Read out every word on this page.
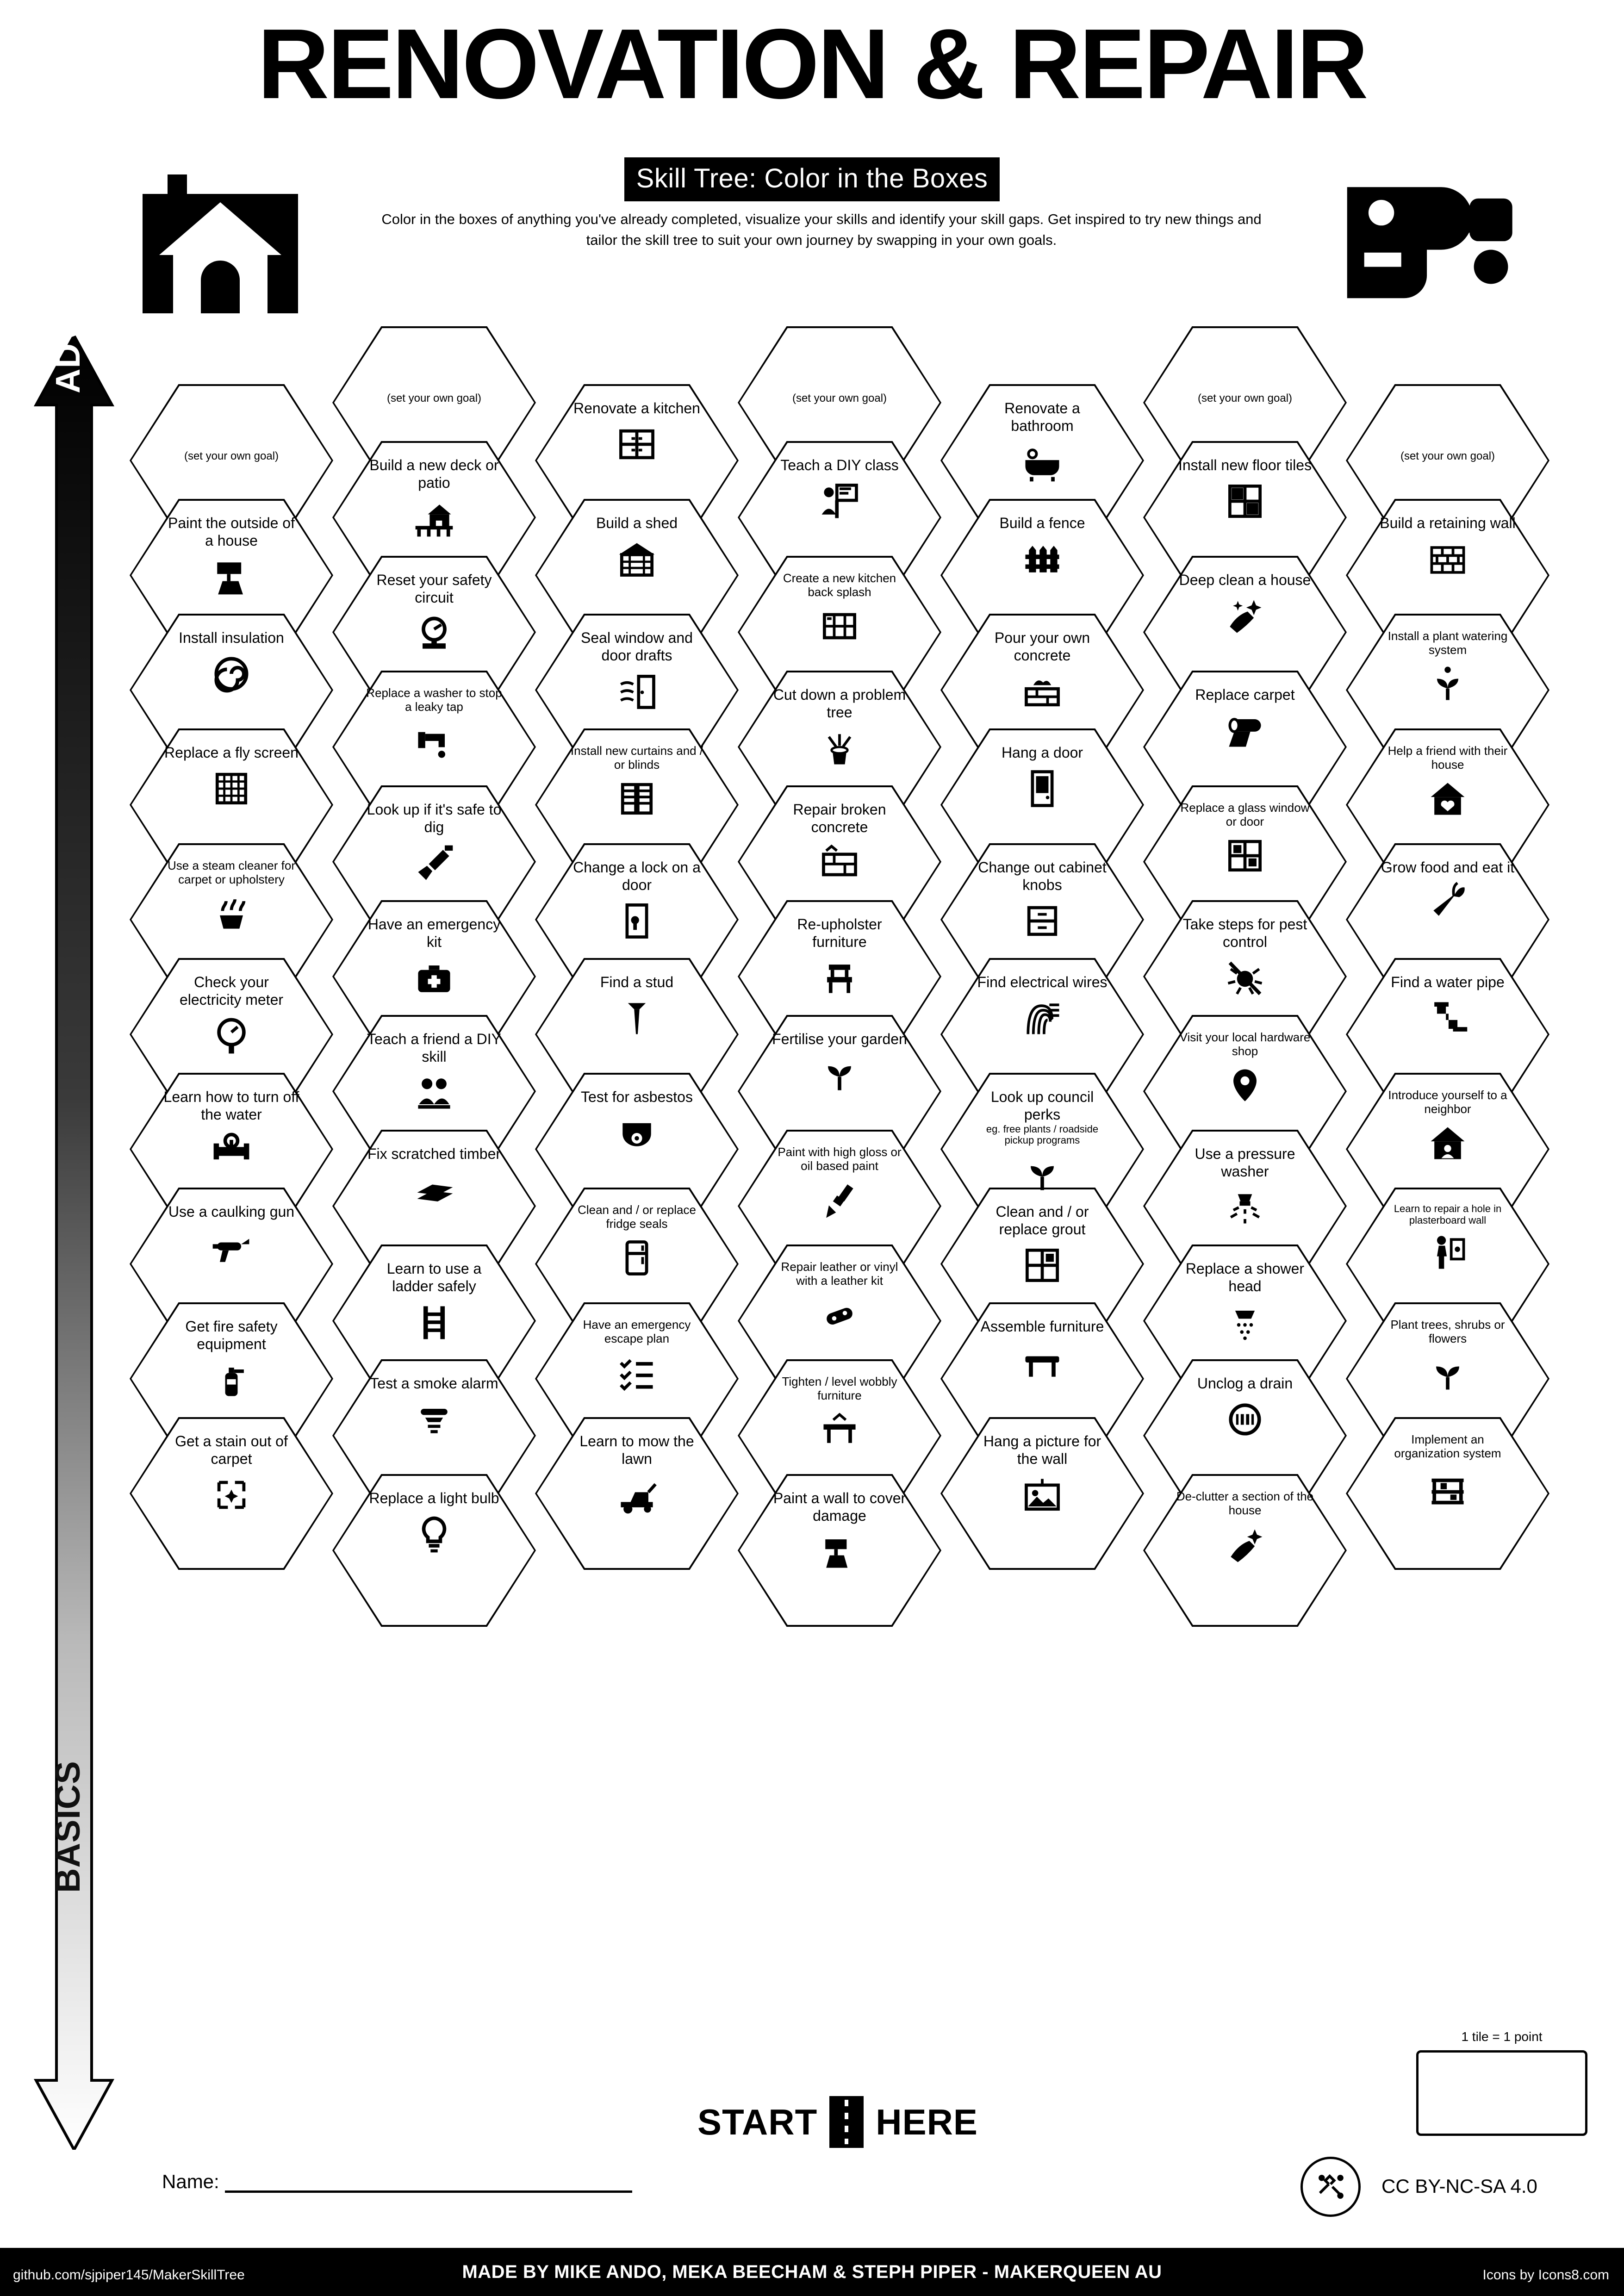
RENOVATION & REPAIR
Skill Tree: Color in the Boxes
Color in the boxes of anything you've already completed, visualize your skills and identify your skill gaps. Get inspired to try new things and tailor the skill tree to suit your own journey by swapping in your own goals.
ADVANCED
BASICS
(set your own goal)
Paint the outside of a house
Install insulation
Replace a fly screen
Use a steam cleaner for carpet or upholstery
Check your electricity meter
Learn how to turn off the water
Use a caulking gun
Get fire safety equipment
Get a stain out of carpet
(set your own goal)
Build a new deck or patio
Reset your safety circuit
Replace a washer to stop a leaky tap
Look up if it's safe to dig
Have an emergency kit
Teach a friend a DIY skill
Fix scratched timber
Learn to use a ladder safely
Test a smoke alarm
Replace a light bulb
Renovate a kitchen
Build a shed
Seal window and door drafts
Install new curtains and / or blinds
Change a lock on a door
Find a stud
Test for asbestos
Clean and / or replace fridge seals
Have an emergency escape plan
Learn to mow the lawn
(set your own goal)
Teach a DIY class
Create a new kitchen back splash
Cut down a problem tree
Repair broken concrete
Re-upholster furniture
Fertilise your garden
Paint with high gloss or oil based paint
Repair leather or vinyl with a leather kit
Tighten / level wobbly furniture
Paint a wall to cover damage
Renovate a bathroom
Build a fence
Pour your own concrete
Hang a door
Change out cabinet knobs
Find electrical wires
Look up council perks
eg. free plants / roadside pickup programs
Clean and / or replace grout
Assemble furniture
Hang a picture for the wall
(set your own goal)
Install new floor tiles
Deep clean a house
Replace carpet
Replace a glass window or door
Take steps for pest control
Visit your local hardware shop
Use a pressure washer
Replace a shower head
Unclog a drain
De-clutter a section of the house
(set your own goal)
Build a retaining wall
Install a plant watering system
Help a friend with their house
Grow food and eat it
Find a water pipe
Introduce yourself to a neighbor
Learn to repair a hole in plasterboard wall
Plant trees, shrubs or flowers
Implement an organization system
START HERE
1 tile = 1 point
Name:	CC BY-NC-SA 4.0
MADE BY MIKE ANDO, MEKA BEECHAM & STEPH PIPER - MAKERQUEEN AU
github.com/sjpiper145/MakerSkillTree	Icons by Icons8.com
